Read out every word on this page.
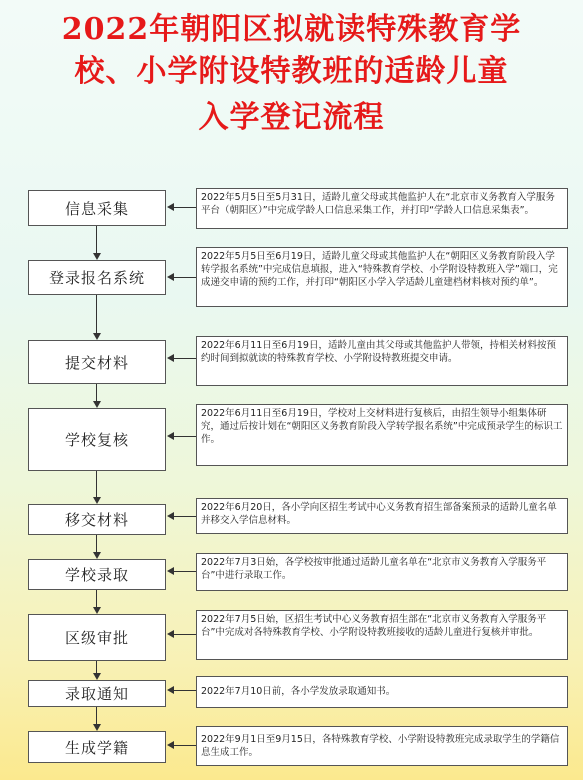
2022年朝阳区拟就读特殊教育学
校、小学附设特教班的适龄儿童
入学登记流程
信息采集
登录报名系统
提交材料
学校复核
移交材料
学校录取
区级审批
录取通知
生成学籍
2022年5月5日至5月31日，适龄儿童父母或其他监护人在“北京市义务教育入学服务平台（朝阳区）”中完成学龄人口信息采集工作，并打印“学龄人口信息采集表”。
2022年5月5日至6月19日，适龄儿童父母或其他监护人在“朝阳区义务教育阶段入学转学报名系统”中完成信息填报，进入“特殊教育学校、小学附设特教班入学”端口，完成递交申请的预约工作，并打印“朝阳区小学入学适龄儿童建档材料核对预约单”。
2022年6月11日至6月19日，适龄儿童由其父母或其他监护人带领，持相关材料按预约时间到拟就读的特殊教育学校、小学附设特教班提交申请。
2022年6月11日至6月19日，学校对上交材料进行复核后，由招生领导小组集体研究，通过后按计划在“朝阳区义务教育阶段入学转学报名系统”中完成预录学生的标识工作。
2022年6月20日，各小学向区招生考试中心义务教育招生部备案预录的适龄儿童名单并移交入学信息材料。
2022年7月3日始，各学校按审批通过适龄儿童名单在“北京市义务教育入学服务平台”中进行录取工作。
2022年7月5日始，区招生考试中心义务教育招生部在“北京市义务教育入学服务平台”中完成对各特殊教育学校、小学附设特教班接收的适龄儿童进行复核并审批。
2022年7月10日前，各小学发放录取通知书。
2022年9月1日至9月15日，各特殊教育学校、小学附设特教班完成录取学生的学籍信息生成工作。
